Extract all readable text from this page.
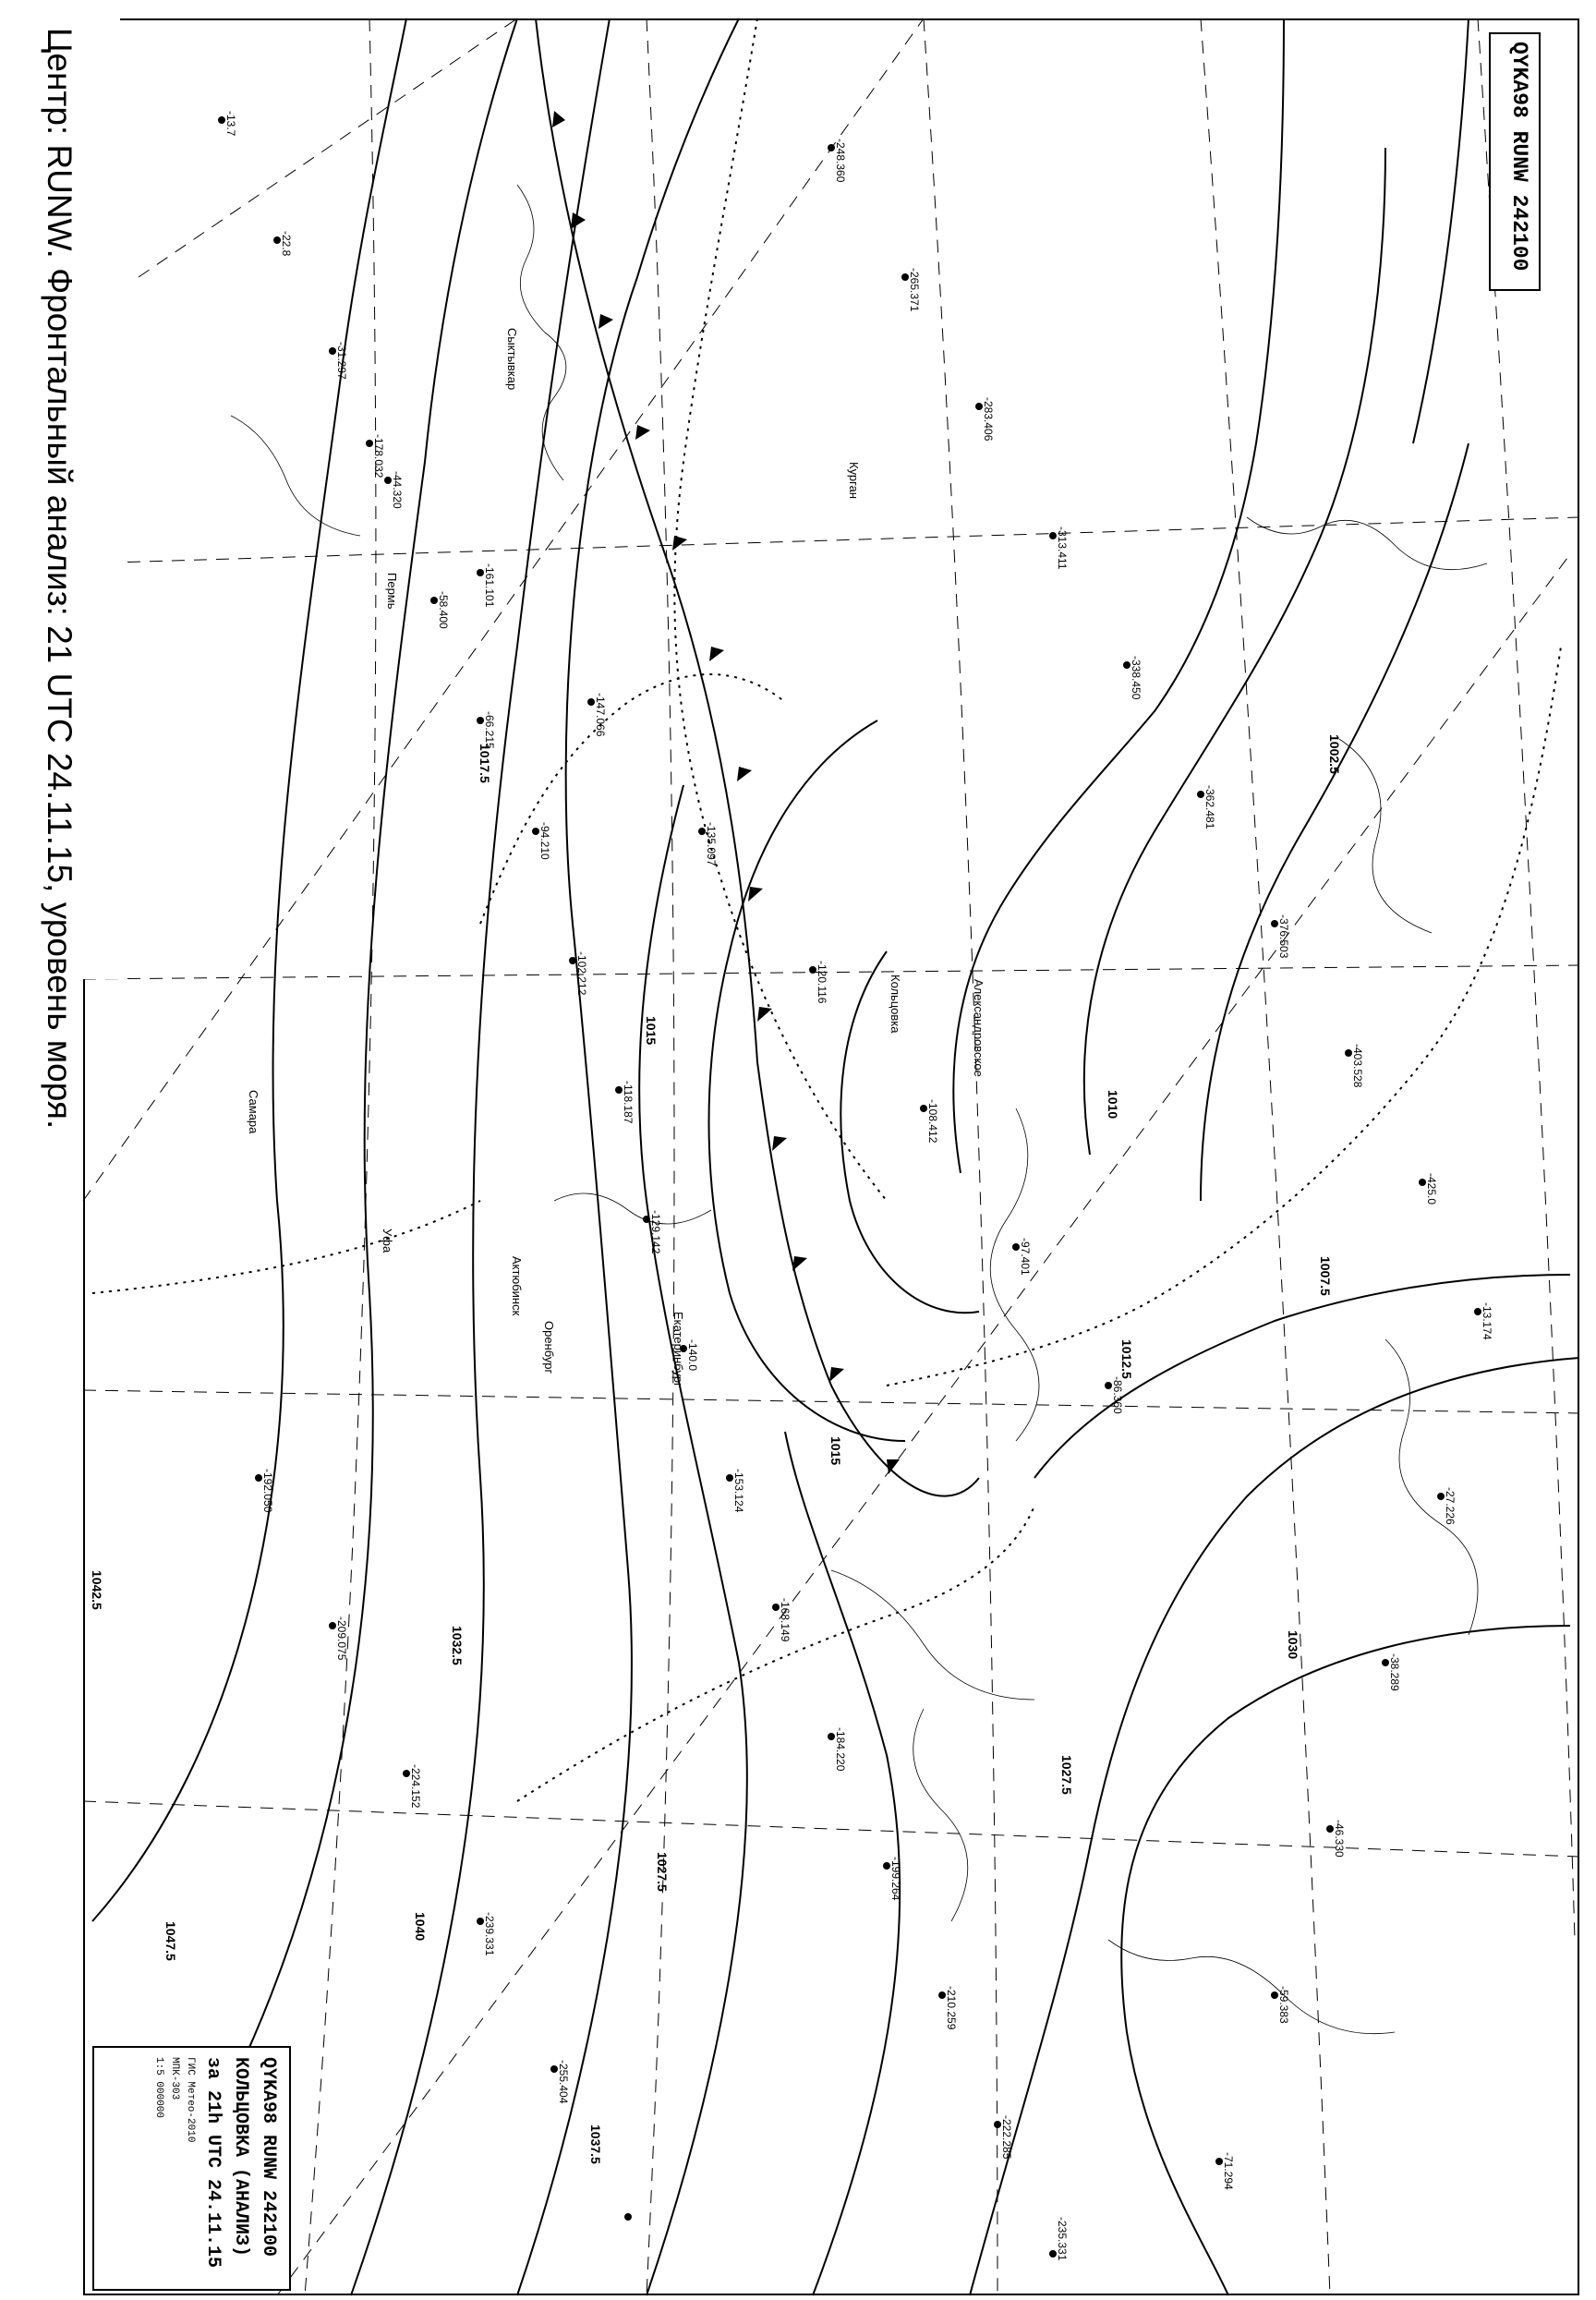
1047.5
1042.5
1040
1037.5
1032.5	1030
1027.5
1027.5
1015
1015
1012.5
1010
1007.5
1002.5
1017.5
Александровское
Кольцовка
Актюбинск
Екатеринбург
Пермь
Сыктывкар
Самара
Уфа
Оренбург
Курган
-13.7
-22.8
-31.297
-44.320
-58.400
-66.215
-94.210
-102.212
-118.187
-129.142
-140.0
-153.124
-168.149
-184.220
-199.264
-210.259
-222.285
-235.331
-248.360
-265.371
-283.406
-313.411
-338.450
-362.481
-376.503
-403.528
-425.0
-13.174
-27.226
-38.289
-46.330
-59.383
-71.294
-86.360
-97.401
-108.412
-120.116
-135.097
-147.066
-161.101
-178.032
-192.050
-209.075
-224.152
-239.331
-255.404
Центр: RUNW. Фронтальный анализ: 21 UTC 24.11.15, уровень моря.	QYKA98 RUNW 242100
QYKA98 RUNW 242100
КОЛЬЦОВКА (АНАЛИЗ)
за 21h UTC 24.11.15
ГИС Метео-2010
МПК-303
1:5 000000
